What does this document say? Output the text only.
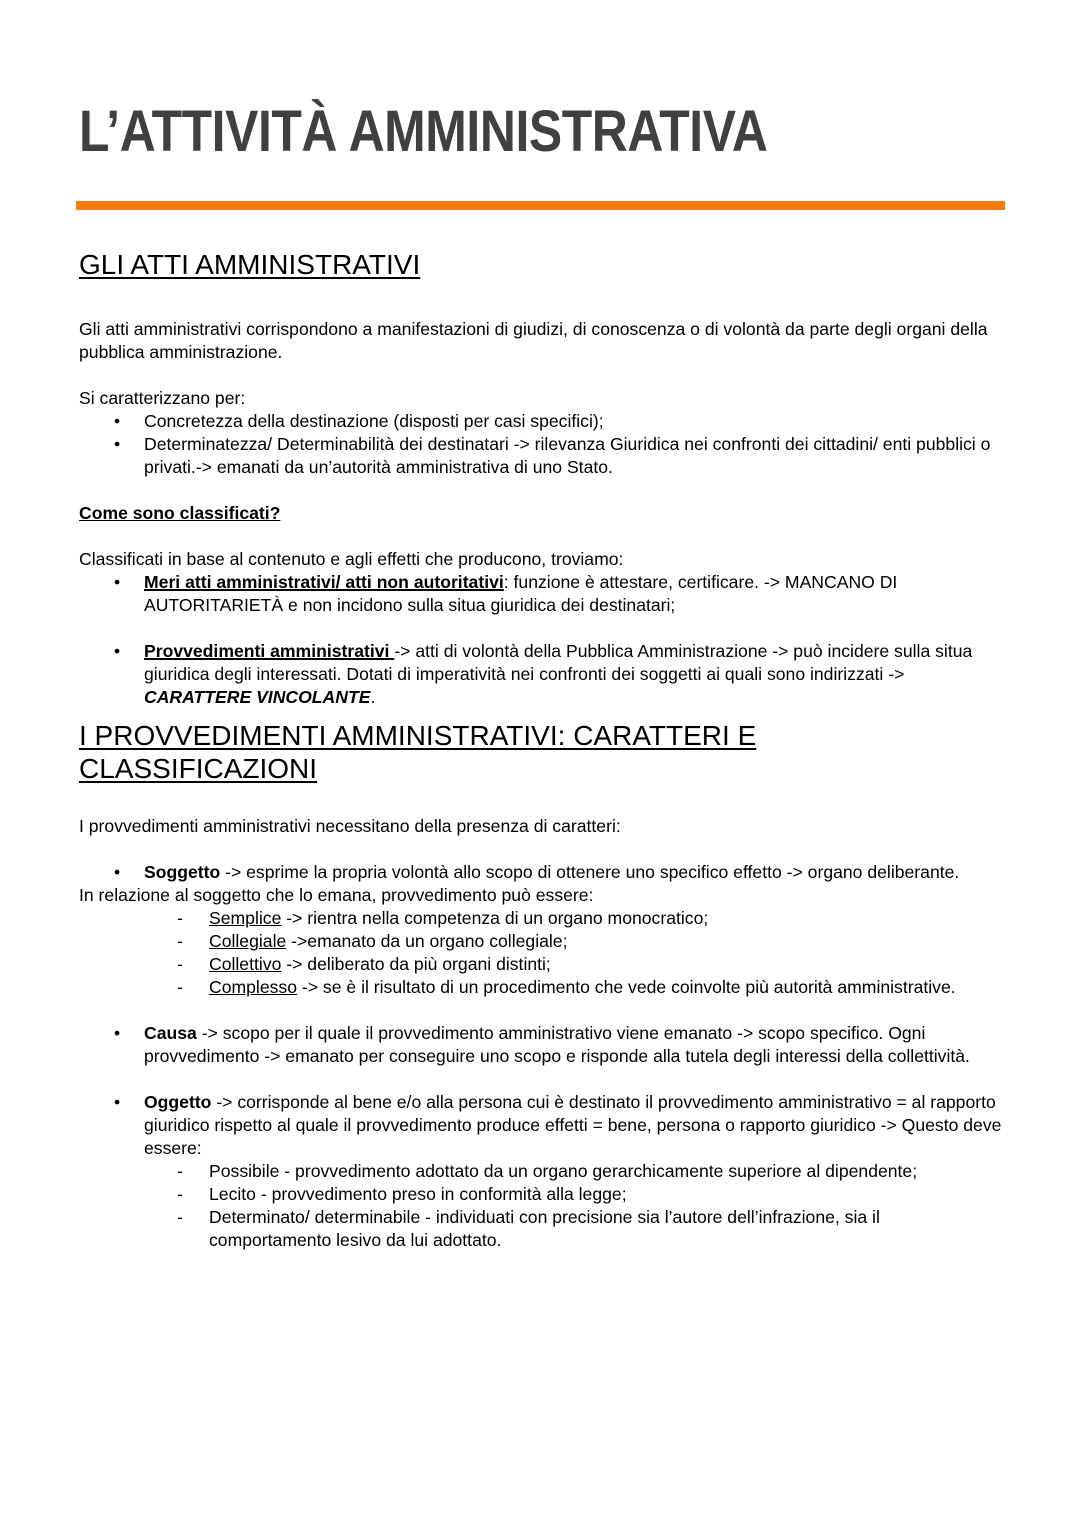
L’ATTIVITÀ AMMINISTRATIVA
GLI ATTI AMMINISTRATIVI

Gli atti amministrativi corrispondono a manifestazioni di giudizi, di conoscenza o di volontà da parte degli organi della pubblica amministrazione.

Si caratterizzano per:

• Concretezza della destinazione (disposti per casi specifici);
• Determinatezza/ Determinabilità dei destinatari -> rilevanza Giuridica nei confronti dei cittadini/ enti pubblici o privati.-> emanati da un’autorità amministrativa di uno Stato.

Come sono classificati?

Classificati in base al contenuto e agli effetti che producono, troviamo:

• Meri atti amministrativi/ atti non autoritativi: funzione è attestare, certificare. -> MANCANO DI AUTORITARIETÀ e non incidono sulla situa giuridica dei destinatari;
• Provvedimenti amministrativi -> atti di volontà della Pubblica Amministrazione -> può incidere sulla situa giuridica degli interessati. Dotati di imperatività nei confronti dei soggetti ai quali sono indirizzati -> CARATTERE VINCOLANTE.
I PROVVEDIMENTI AMMINISTRATIVI: CARATTERI E
CLASSIFICAZIONI

I provvedimenti amministrativi necessitano della presenza di caratteri:

• Soggetto -> esprime la propria volontà allo scopo di ottenere uno specifico effetto -> organo deliberante.

In relazione al soggetto che lo emana, provvedimento può essere:

- Semplice -> rientra nella competenza di un organo monocratico;
- Collegiale ->emanato da un organo collegiale;
- Collettivo -> deliberato da più organi distinti;
- Complesso -> se è il risultato di un procedimento che vede coinvolte più autorità amministrative.
• Causa -> scopo per il quale il provvedimento amministrativo viene emanato -> scopo specifico. Ogni provvedimento -> emanato per conseguire uno scopo e risponde alla tutela degli interessi della collettività.
• Oggetto -> corrisponde al bene e/o alla persona cui è destinato il provvedimento amministrativo = al rapporto giuridico rispetto al quale il provvedimento produce effetti = bene, persona o rapporto giuridico -> Questo deve essere:
- Possibile - provvedimento adottato da un organo gerarchicamente superiore al dipendente;
- Lecito - provvedimento preso in conformità alla legge;
- Determinato/ determinabile - individuati con precisione sia l’autore dell’infrazione, sia il comportamento lesivo da lui adottato.
